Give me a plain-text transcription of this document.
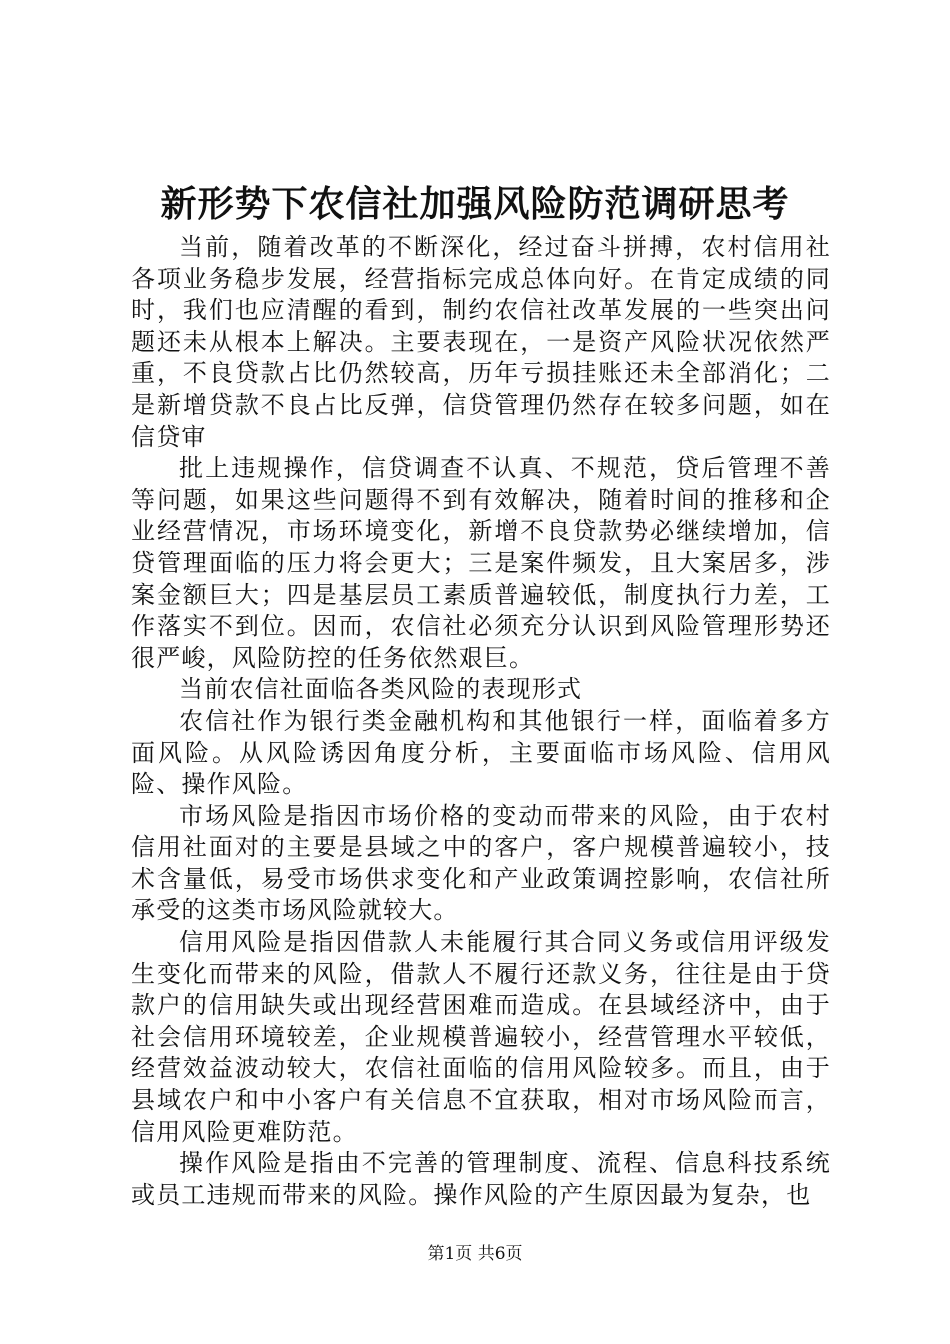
新形势下农信社加强风险防范调研思考

当前，随着改革的不断深化，经过奋斗拼搏，农村信用社各项业务稳步发展，经营指标完成总体向好。在肯定成绩的同时，我们也应清醒的看到，制约农信社改革发展的一些突出问题还未从根本上解决。主要表现在，一是资产风险状况依然严重，不良贷款占比仍然较高，历年亏损挂账还未全部消化；二是新增贷款不良占比反弹，信贷管理仍然存在较多问题，如在信贷审

批上违规操作，信贷调查不认真、不规范，贷后管理不善等问题，如果这些问题得不到有效解决，随着时间的推移和企业经营情况，市场环境变化，新增不良贷款势必继续增加，信贷管理面临的压力将会更大；三是案件频发，且大案居多，涉案金额巨大；四是基层员工素质普遍较低，制度执行力差，工作落实不到位。因而，农信社必须充分认识到风险管理形势还很严峻，风险防控的任务依然艰巨。

当前农信社面临各类风险的表现形式

农信社作为银行类金融机构和其他银行一样，面临着多方面风险。从风险诱因角度分析，主要面临市场风险、信用风险、操作风险。

市场风险是指因市场价格的变动而带来的风险，由于农村信用社面对的主要是县域之中的客户，客户规模普遍较小，技术含量低，易受市场供求变化和产业政策调控影响，农信社所承受的这类市场风险就较大。

信用风险是指因借款人未能履行其合同义务或信用评级发生变化而带来的风险，借款人不履行还款义务，往往是由于贷款户的信用缺失或出现经营困难而造成。在县域经济中，由于社会信用环境较差，企业规模普遍较小，经营管理水平较低，经营效益波动较大，农信社面临的信用风险较多。而且，由于县域农户和中小客户有关信息不宜获取，相对市场风险而言，信用风险更难防范。

操作风险是指由不完善的管理制度、流程、信息科技系统或员工违规而带来的风险。操作风险的产生原因最为复杂，也

第1页 共6页
